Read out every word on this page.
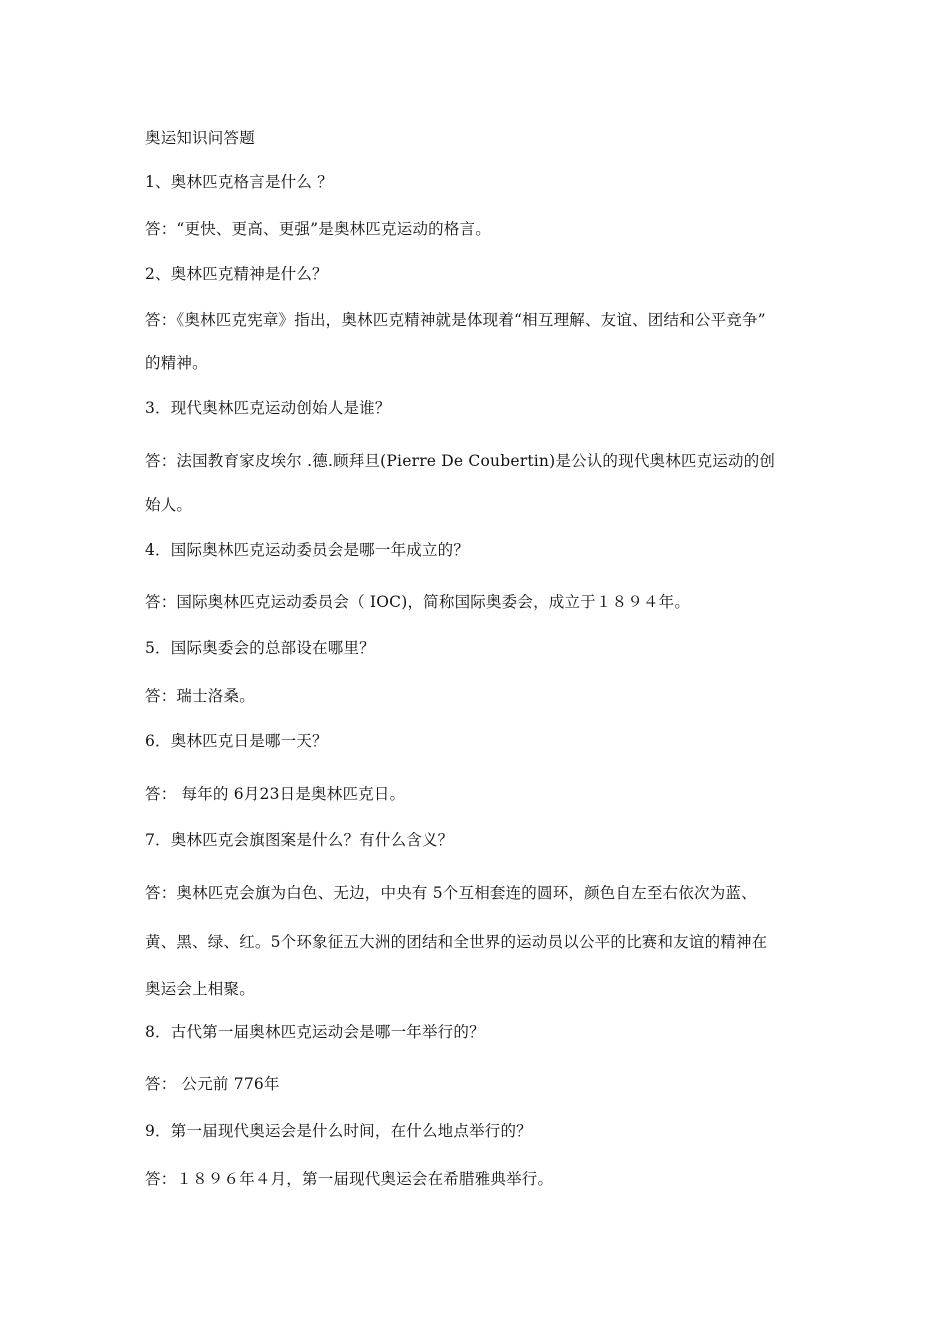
奥运知识问答题
1、奥林匹克格言是什么 ？
答：“更快、更高、更强”是奥林匹克运动的格言。
2、奥林匹克精神是什么？
答：《奥林匹克宪章》指出，奥林匹克精神就是体现着“相互理解、友谊、团结和公平竞争”
的精神。
3．现代奥林匹克运动创始人是谁？
答：法国教育家皮埃尔 .德.顾拜旦(Pierre De Coubertin)是公认的现代奥林匹克运动的创
始人。
4．国际奥林匹克运动委员会是哪一年成立的？
答：国际奥林匹克运动委员会（ IOC)，简称国际奥委会，成立于１８９４年。
5．国际奥委会的总部设在哪里？
答：瑞士洛桑。
6．奥林匹克日是哪一天？
答： 每年的 6月23日是奥林匹克日。
7．奥林匹克会旗图案是什么？有什么含义？
答：奥林匹克会旗为白色、无边，中央有 5个互相套连的圆环，颜色自左至右依次为蓝、
黄、黑、绿、红。5个环象征五大洲的团结和全世界的运动员以公平的比赛和友谊的精神在
奥运会上相聚。
8．古代第一届奥林匹克运动会是哪一年举行的？
答： 公元前 776年
9．第一届现代奥运会是什么时间，在什么地点举行的？
答：１８９６年４月，第一届现代奥运会在希腊雅典举行。
